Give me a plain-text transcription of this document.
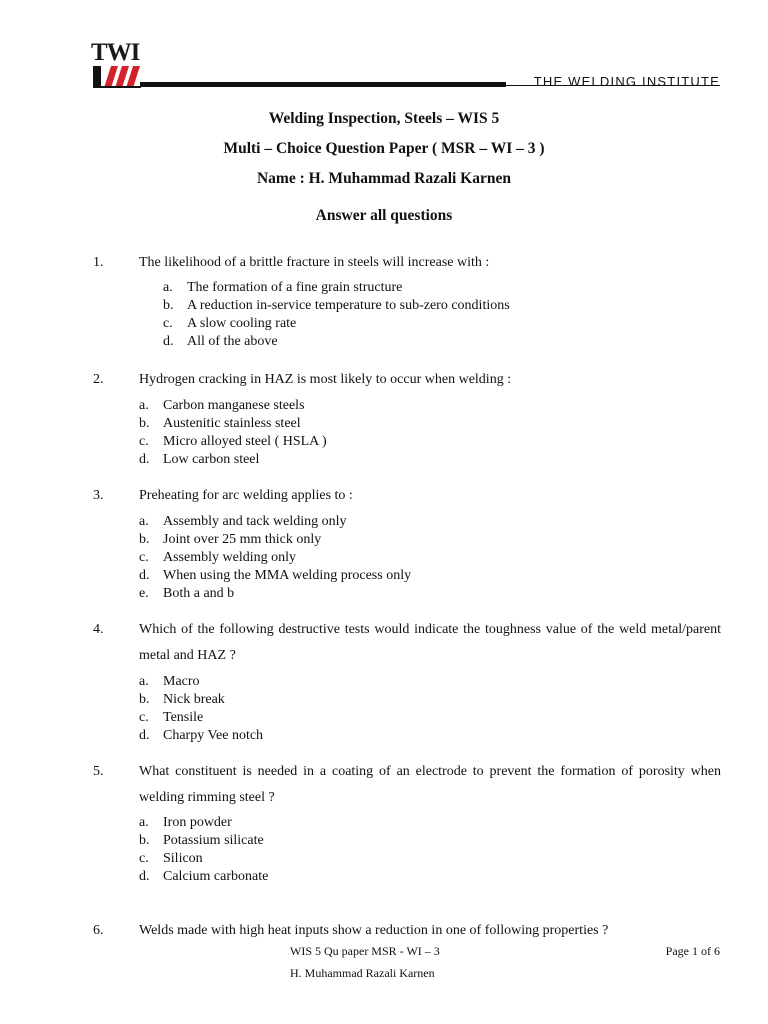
TWI
THE WELDING INSTITUTE
Welding Inspection, Steels – WIS 5
Multi – Choice Question Paper ( MSR – WI – 3 )
Name : H. Muhammad Razali Karnen
Answer all questions
1.	The likelihood of a brittle fracture in steels will increase with :
a.	The formation of a fine grain structure
b. A reduction in-service temperature to sub-zero conditions
c.	A slow cooling rate
d. All of the above
2.	Hydrogen cracking in HAZ is most likely to occur when welding :
a.	Carbon manganese steels
b. Austenitic stainless steel
c.	Micro alloyed steel ( HSLA )
d. Low carbon steel
3.	Preheating for arc welding applies to :
a.	Assembly and tack welding only
b. Joint over 25 mm thick only
c.	Assembly welding only
d. When using the MMA welding process only
e.	Both a and b
4.	Which of the following destructive tests would indicate the toughness value of the weld metal/parent metal and HAZ ?
a.	Macro
b. Nick break
c.	Tensile
d. Charpy Vee notch
5.	What constituent is needed in a coating of an electrode to prevent the formation of porosity when welding rimming steel ?
a.	Iron powder
b. Potassium silicate
c.	Silicon
d. Calcium carbonate
6.	Welds made with high heat inputs show a reduction in one of following properties ?
WIS 5 Qu paper MSR - WI – 3	Page 1 of 6
H. Muhammad Razali Karnen
